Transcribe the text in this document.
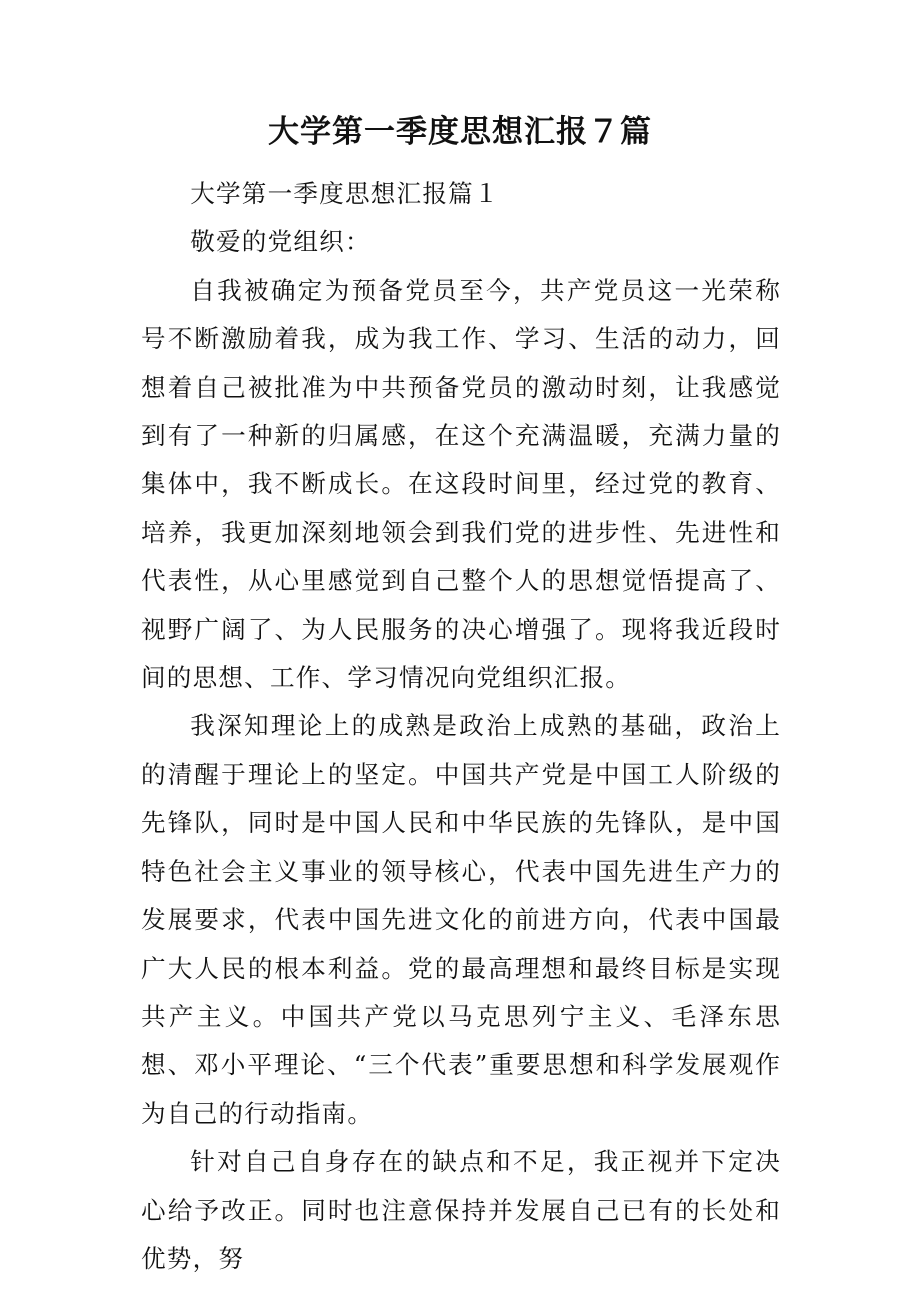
大学第一季度思想汇报７篇

大学第一季度思想汇报篇１

敬爱的党组织：

自我被确定为预备党员至今，共产党员这一光荣称号不断激励着我，成为我工作、学习、生活的动力，回想着自己被批准为中共预备党员的激动时刻，让我感觉到有了一种新的归属感，在这个充满温暖，充满力量的集体中，我不断成长。在这段时间里，经过党的教育、培养，我更加深刻地领会到我们党的进步性、先进性和代表性，从心里感觉到自己整个人的思想觉悟提高了、视野广阔了、为人民服务的决心增强了。现将我近段时间的思想、工作、学习情况向党组织汇报。

我深知理论上的成熟是政治上成熟的基础，政治上的清醒于理论上的坚定。中国共产党是中国工人阶级的先锋队，同时是中国人民和中华民族的先锋队，是中国特色社会主义事业的领导核心，代表中国先进生产力的发展要求，代表中国先进文化的前进方向，代表中国最广大人民的根本利益。党的最高理想和最终目标是实现共产主义。中国共产党以马克思列宁主义、毛泽东思想、邓小平理论、“三个代表”重要思想和科学发展观作为自己的行动指南。

针对自己自身存在的缺点和不足，我正视并下定决心给予改正。同时也注意保持并发展自己已有的长处和优势，努
